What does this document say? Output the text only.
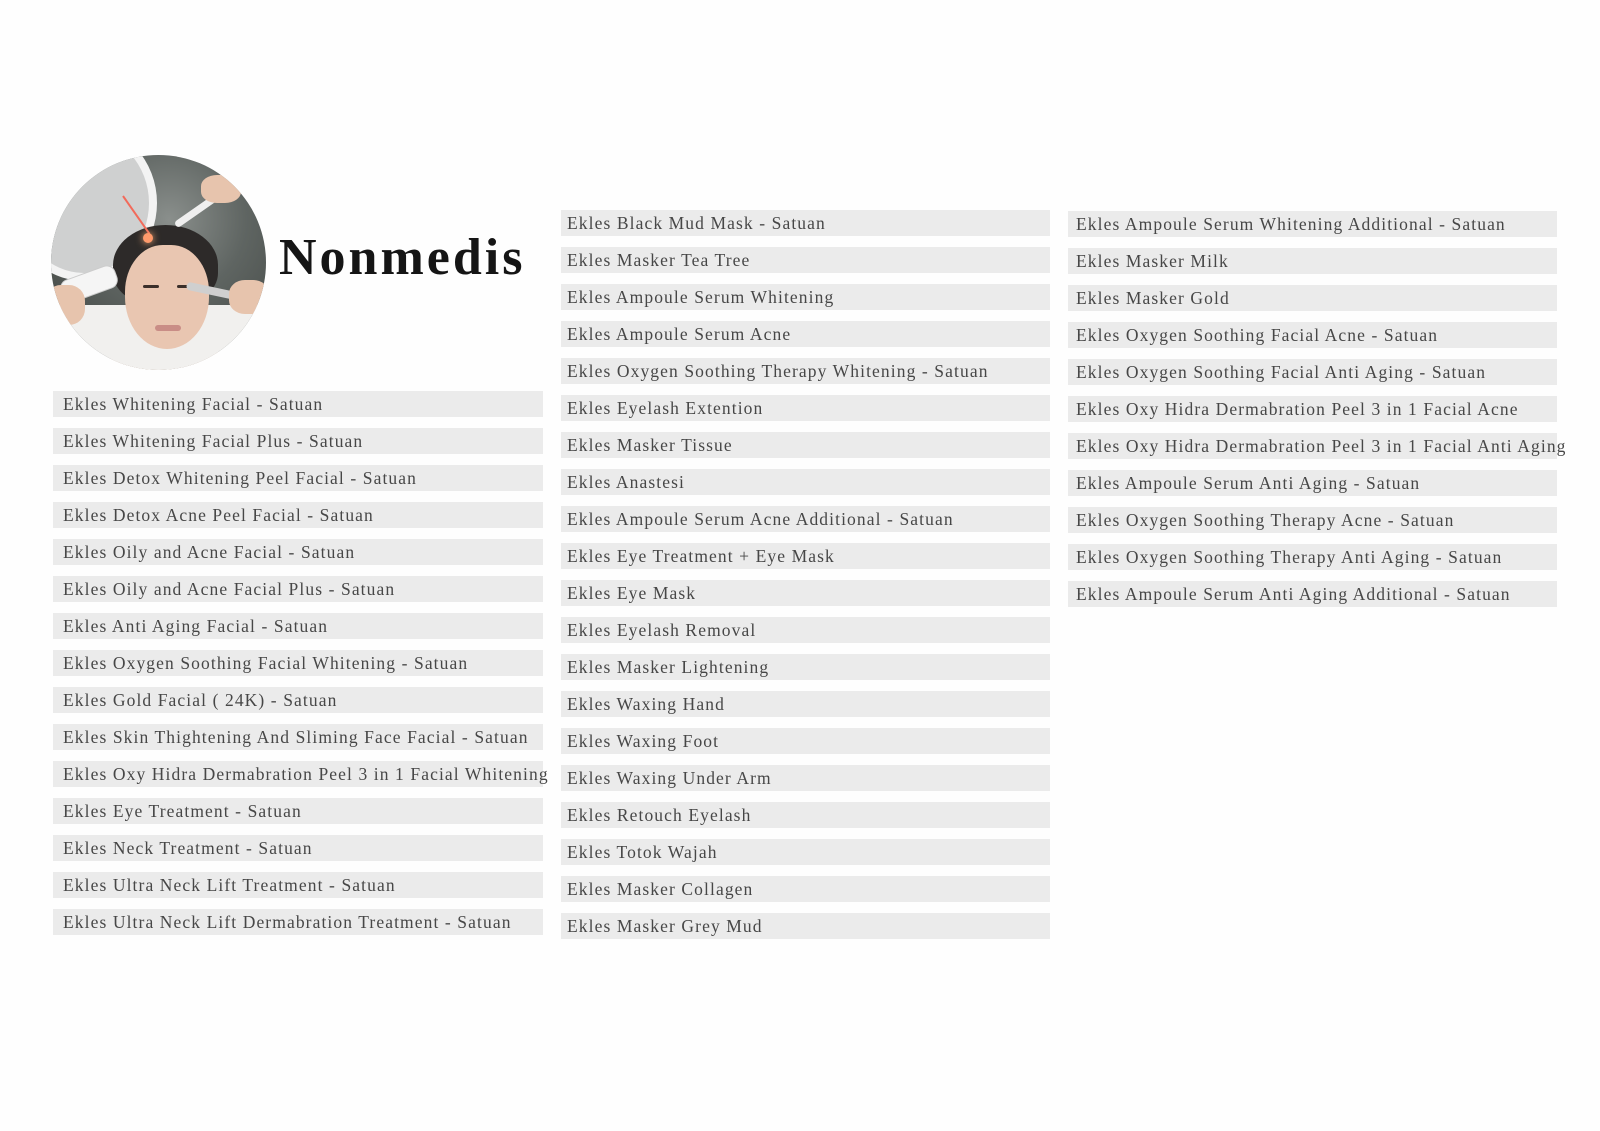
Nonmedis
Ekles Whitening Facial - Satuan
Ekles Whitening Facial Plus - Satuan
Ekles Detox Whitening Peel Facial - Satuan
Ekles Detox Acne Peel Facial - Satuan
Ekles Oily and Acne Facial - Satuan
Ekles Oily and Acne Facial Plus - Satuan
Ekles Anti Aging Facial - Satuan
Ekles Oxygen Soothing Facial Whitening - Satuan
Ekles Gold Facial ( 24K) - Satuan
Ekles Skin Thightening And Sliming Face Facial - Satuan
Ekles Oxy Hidra Dermabration Peel 3 in 1 Facial Whitening
Ekles Eye Treatment - Satuan
Ekles Neck Treatment - Satuan
Ekles Ultra Neck Lift Treatment - Satuan
Ekles Ultra Neck Lift Dermabration Treatment - Satuan
Ekles Black Mud Mask - Satuan
Ekles Masker Tea Tree
Ekles Ampoule Serum Whitening
Ekles Ampoule Serum Acne
Ekles Oxygen Soothing Therapy Whitening - Satuan
Ekles Eyelash Extention
Ekles Masker Tissue
Ekles Anastesi
Ekles Ampoule Serum Acne Additional - Satuan
Ekles Eye Treatment + Eye Mask
Ekles Eye Mask
Ekles Eyelash Removal
Ekles Masker Lightening
Ekles Waxing Hand
Ekles Waxing Foot
Ekles Waxing Under Arm
Ekles Retouch Eyelash
Ekles Totok Wajah
Ekles Masker Collagen
Ekles Masker Grey Mud
Ekles Ampoule Serum Whitening Additional - Satuan
Ekles Masker Milk
Ekles Masker Gold
Ekles Oxygen Soothing Facial Acne - Satuan
Ekles Oxygen Soothing Facial Anti Aging - Satuan
Ekles Oxy Hidra Dermabration Peel 3 in 1 Facial Acne
Ekles Oxy Hidra Dermabration Peel 3 in 1 Facial Anti Aging
Ekles Ampoule Serum Anti Aging - Satuan
Ekles Oxygen Soothing Therapy Acne - Satuan
Ekles Oxygen Soothing Therapy Anti Aging - Satuan
Ekles Ampoule Serum Anti Aging Additional - Satuan
